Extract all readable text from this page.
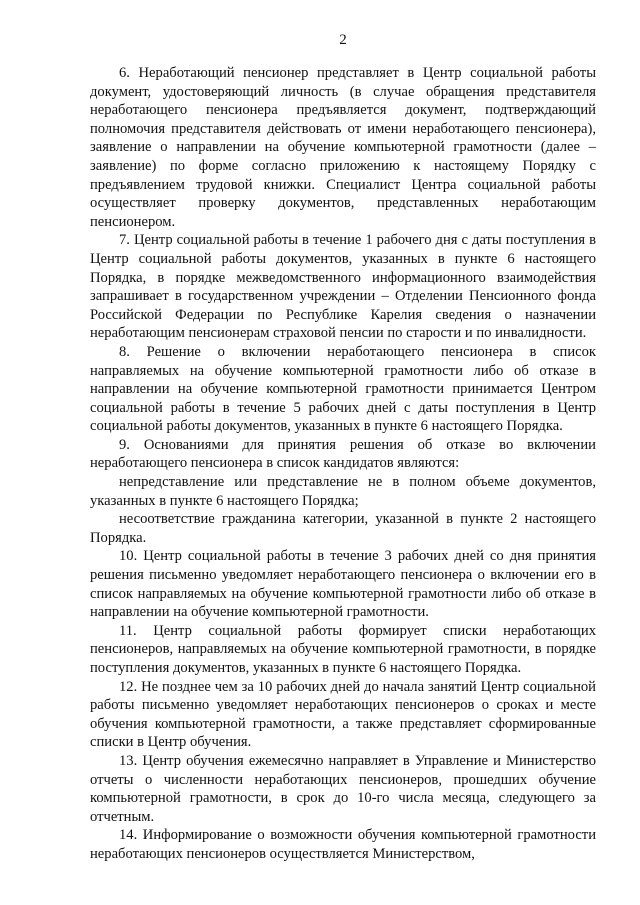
2

6. Неработающий пенсионер представляет в Центр социальной работы документ, удостоверяющий личность (в случае обращения представителя неработающего пенсионера предъявляется документ, подтверждающий полномочия представителя действовать от имени неработающего пенсионера), заявление о направлении на обучение компьютерной грамотности (далее – заявление) по форме согласно приложению к настоящему Порядку с предъявлением трудовой книжки. Специалист Центра социальной работы осуществляет проверку документов, представленных неработающим пенсионером.

7. Центр социальной работы в течение 1 рабочего дня с даты поступления в Центр социальной работы документов, указанных в пункте 6 настоящего Порядка, в порядке межведомственного информационного взаимодействия запрашивает в государственном учреждении – Отделении Пенсионного фонда Российской Федерации по Республике Карелия сведения о назначении неработающим пенсионерам страховой пенсии по старости и по инвалидности.

8. Решение о включении неработающего пенсионера в список направляемых на обучение компьютерной грамотности либо об отказе в направлении на обучение компьютерной грамотности принимается Центром социальной работы в течение 5 рабочих дней с даты поступления в Центр социальной работы документов, указанных в пункте 6 настоящего Порядка.

9. Основаниями для принятия решения об отказе во включении неработающего пенсионера в список кандидатов являются:

непредставление или представление не в полном объеме документов, указанных в пункте 6 настоящего Порядка;

несоответствие гражданина категории, указанной в пункте 2 настоящего Порядка.

10. Центр социальной работы в течение 3 рабочих дней со дня принятия решения письменно уведомляет неработающего пенсионера о включении его в список направляемых на обучение компьютерной грамотности либо об отказе в направлении на обучение компьютерной грамотности.

11. Центр социальной работы формирует списки неработающих пенсионеров, направляемых на обучение компьютерной грамотности, в порядке поступления документов, указанных в пункте 6 настоящего Порядка.

12. Не позднее чем за 10 рабочих дней до начала занятий Центр социальной работы письменно уведомляет неработающих пенсионеров о сроках и месте обучения компьютерной грамотности, а также представляет сформированные списки в Центр обучения.

13. Центр обучения ежемесячно направляет в Управление и Министерство отчеты о численности неработающих пенсионеров, прошедших обучение компьютерной грамотности, в срок до 10-го числа месяца, следующего за отчетным.

14. Информирование о возможности обучения компьютерной грамотности неработающих пенсионеров осуществляется Министерством,
